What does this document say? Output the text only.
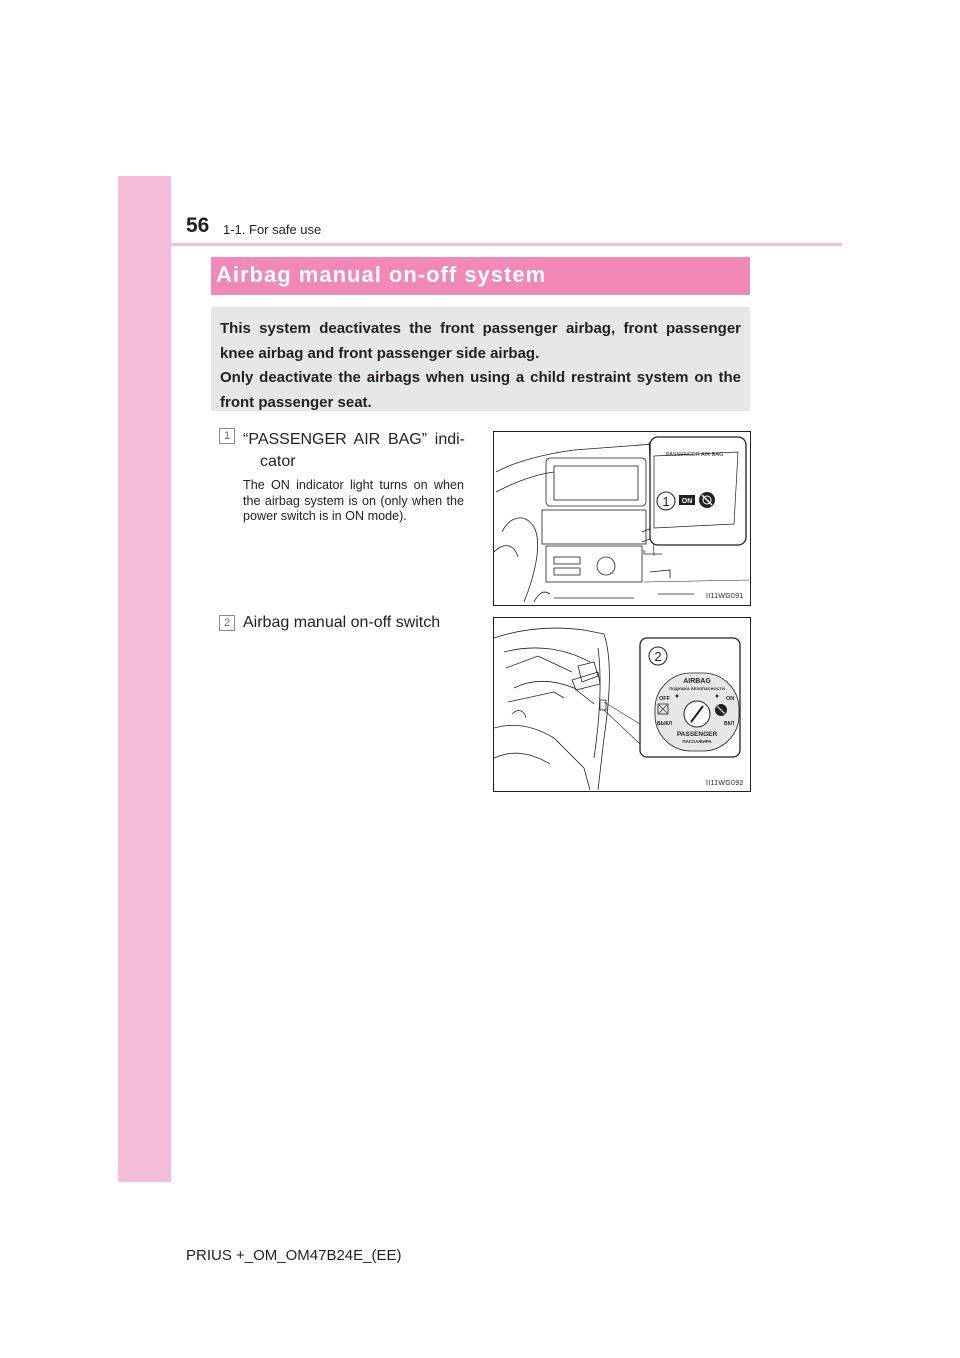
56 1-1. For safe use
Airbag manual on-off system
This system deactivates the front passenger airbag, front passenger knee airbag and front passenger side airbag.
Only deactivate the airbags when using a child restraint system on the front passenger seat.
1 “PASSENGER AIR BAG” indi-
cator
The ON indicator light turns on when the airbag system is on (only when the power switch is in ON mode).
PASSENGER AIR BAG
1 ON
II11WG091
2 Airbag manual on-off switch
2
AIRBAG
ПОДУШКА БЕЗОПАСНОСТИ
OFF	ON
ВЫКЛ	ВКЛ
PASSENGER
ПАССАЖИРА
II11WG092
PRIUS +_OM_OM47B24E_(EE)
